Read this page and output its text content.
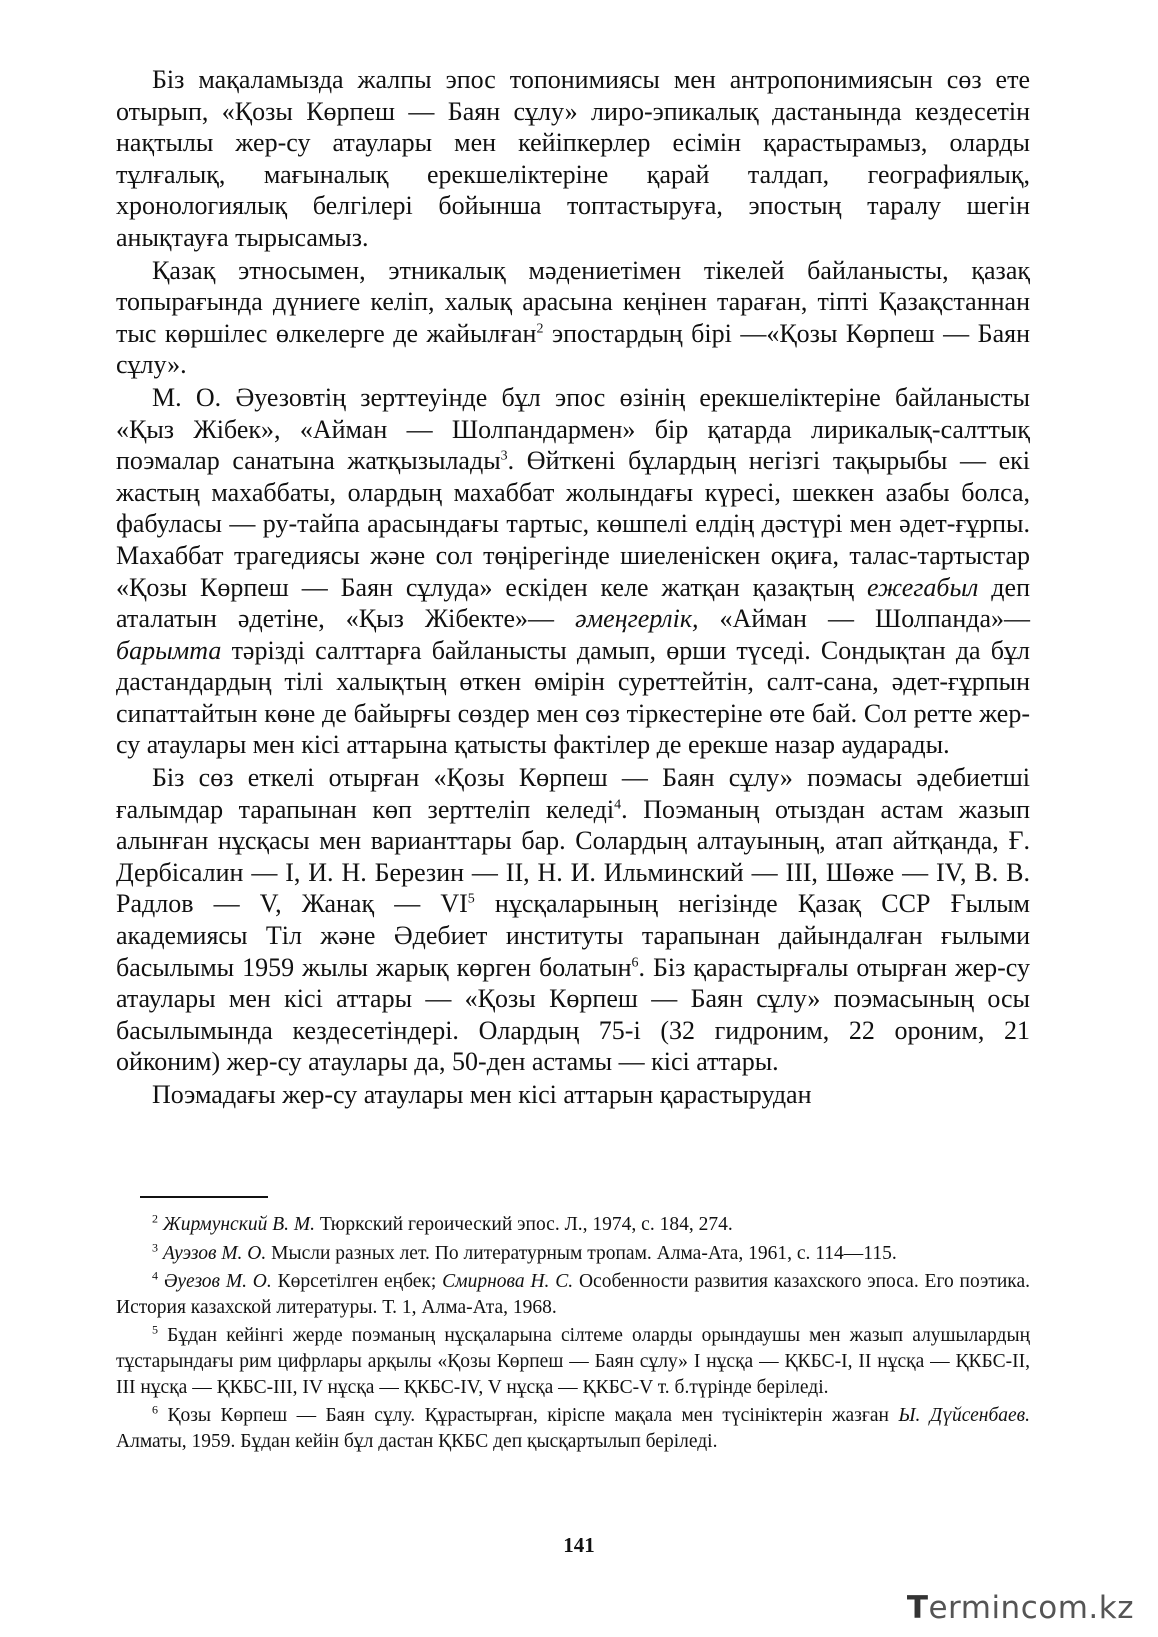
Біз мақаламызда жалпы эпос топонимиясы мен антропонимиясын сөз ете отырып, «Қозы Көрпеш — Баян сұлу» лиро-эпикалық дастанында кездесетін нақтылы жер-су атаулары мен кейіпкерлер есімін қарастырамыз, оларды тұлғалық, мағыналық ерекшеліктеріне қарай талдап, географиялық, хронологиялық белгілері бойынша топтастыруға, эпостың таралу шегін анықтауға тырысамыз.

Қазақ этносымен, этникалық мәдениетімен тікелей байланысты, қазақ топырағында дүниеге келіп, халық арасына кеңінен тараған, тіпті Қазақстаннан тыс көршілес өлкелерге де жайылған$^2$ эпостардың бірі —«Қозы Көрпеш — Баян сұлу».

М. О. Әуезовтің зерттеуінде бұл эпос өзінің ерекшеліктеріне байланысты «Қыз Жібек», «Айман — Шолпандармен» бір қатарда лирикалық-салттық поэмалар санатына жатқызылады$^3$. Өйткені бұлардың негізгі тақырыбы — екі жастың махаббаты, олардың махаббат жолындағы күресі, шеккен азабы болса, фабуласы — ру-тайпа арасындағы тартыс, көшпелі елдің дәстүрі мен әдет-ғұрпы. Махаббат трагедиясы және сол төңірегінде шиеленіскен оқиға, талас-тартыстар «Қозы Көрпеш — Баян сұлуда» ескіден келе жатқан қазақтың ежегабыл деп аталатын әдетіне, «Қыз Жібекте»— әмеңгерлік, «Айман — Шолпанда»— барымта тәрізді салттарға байланысты дамып, өрши түседі. Сондықтан да бұл дастандардың тілі халықтың өткен өмірін суреттейтін, салт-сана, әдет-ғұрпын сипаттайтын көне де байырғы сөздер мен сөз тіркестеріне өте бай. Сол ретте жер-су атаулары мен кісі аттарына қатысты фактілер де ерекше назар аударады.

Біз сөз еткелі отырған «Қозы Көрпеш — Баян сұлу» поэмасы әдебиетші ғалымдар тарапынан көп зерттеліп келеді$^4$. Поэманың отыздан астам жазып алынған нұсқасы мен варианттары бар. Солардың алтауының, атап айтқанда, Ғ. Дербісалин — І, И. Н. Березин — ІІ, Н. И. Ильминский — ІІІ, Шөже — ІV, В. В. Радлов — V, Жанақ — $VI^5$ нұсқаларының негізінде Қазақ ССР Ғылым академиясы Тіл және Әдебиет институты тарапынан дайындалған ғылыми басылымы 1959 жылы жарық көрген болатын$^6$. Біз қарастырғалы отырған жер-су атаулары мен кісі аттары — «Қозы Көрпеш — Баян сұлу» поэмасының осы басылымында кездесетіндері. Олардың 75-і (32 гидроним, 22 ороним, 21 ойконим) жер-су атаулары да, 50-ден астамы — кісі аттары.

Поэмадағы жер-су атаулары мен кісі аттарын қарастырудан

$^2$ Жирмунский В. М. Тюркский героический эпос. Л., 1974, с. 184, 274.

$^3$ Ауэзов М. О. Мысли разных лет. По литературным тропам. Алма-Ата, 1961, с. 114—115.

$^4$ Әуезов М. О. Көрсетілген еңбек; Смирнова Н. С. Особенности развития казахского эпоса. Его поэтика. История казахской литературы. Т. 1, Алма-Ата, 1968.

$^5$ Бұдан кейінгі жерде поэманың нұсқаларына сілтеме оларды орындаушы мен жазып алушылардың тұстарындағы рим цифрлары арқылы «Қозы Көрпеш — Баян сұлу» І нұсқа — ҚКБС-І, ІІ нұсқа — ҚКБС-ІІ, ІІІ нұсқа — ҚКБС-ІІІ, IV нұсқа — ҚКБС-IV, V нұсқа — ҚКБС-V т. б.түрінде беріледі.

$^6$ Қозы Көрпеш — Баян сұлу. Құрастырған, кіріспе мақала мен түсініктерін жазған Ы. Дүйсенбаев. Алматы, 1959. Бұдан кейін бұл дастан ҚКБС деп қысқартылып беріледі.

141
Termincоm.kz
